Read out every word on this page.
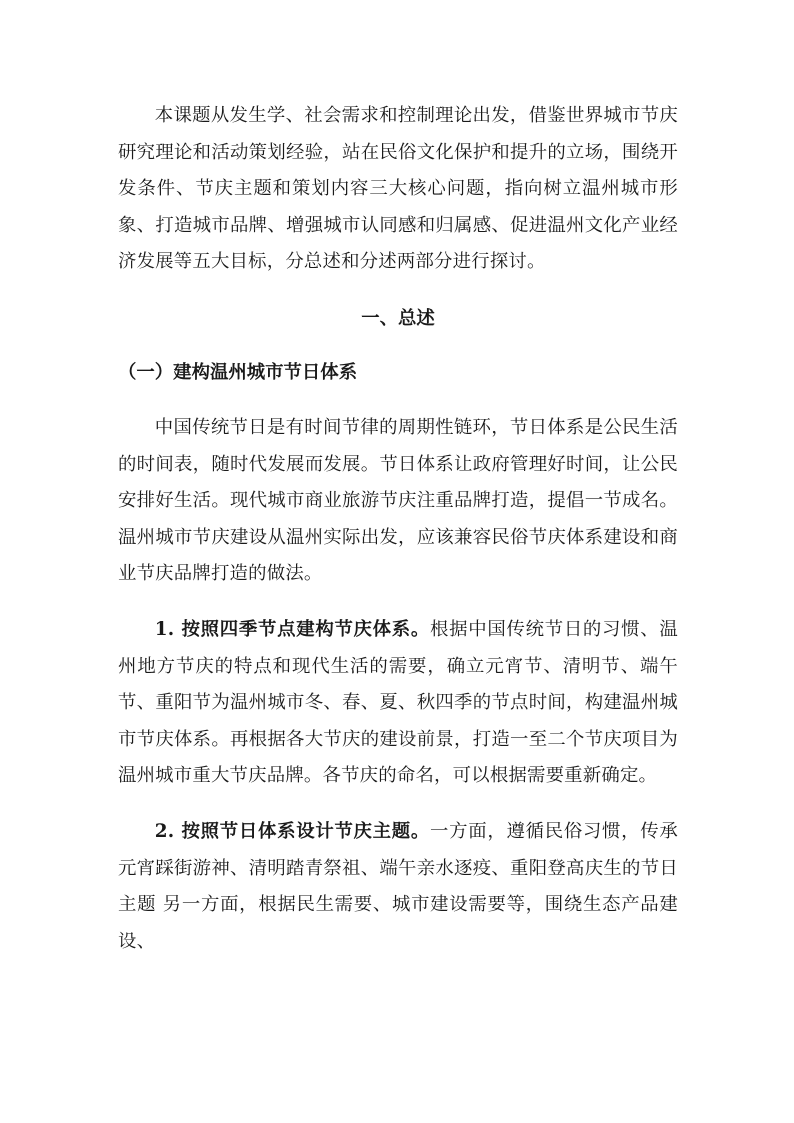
本课题从发生学、社会需求和控制理论出发，借鉴世界城市节庆研究理论和活动策划经验，站在民俗文化保护和提升的立场，围绕开发条件、节庆主题和策划内容三大核心问题，指向树立温州城市形象、打造城市品牌、增强城市认同感和归属感、促进温州文化产业经济发展等五大目标，分总述和分述两部分进行探讨。

一、总述
（一）建构温州城市节日体系

中国传统节日是有时间节律的周期性链环，节日体系是公民生活的时间表，随时代发展而发展。节日体系让政府管理好时间，让公民安排好生活。现代城市商业旅游节庆注重品牌打造，提倡一节成名。温州城市节庆建设从温州实际出发，应该兼容民俗节庆体系建设和商业节庆品牌打造的做法。

1. 按照四季节点建构节庆体系。根据中国传统节日的习惯、温州地方节庆的特点和现代生活的需要，确立元宵节、清明节、端午节、重阳节为温州城市冬、春、夏、秋四季的节点时间，构建温州城市节庆体系。再根据各大节庆的建设前景，打造一至二个节庆项目为温州城市重大节庆品牌。各节庆的命名，可以根据需要重新确定。

2. 按照节日体系设计节庆主题。一方面，遵循民俗习惯，传承元宵踩街游神、清明踏青祭祖、端午亲水逐疫、重阳登高庆生的节日主题 另一方面，根据民生需要、城市建设需要等，围绕生态产品建设、
